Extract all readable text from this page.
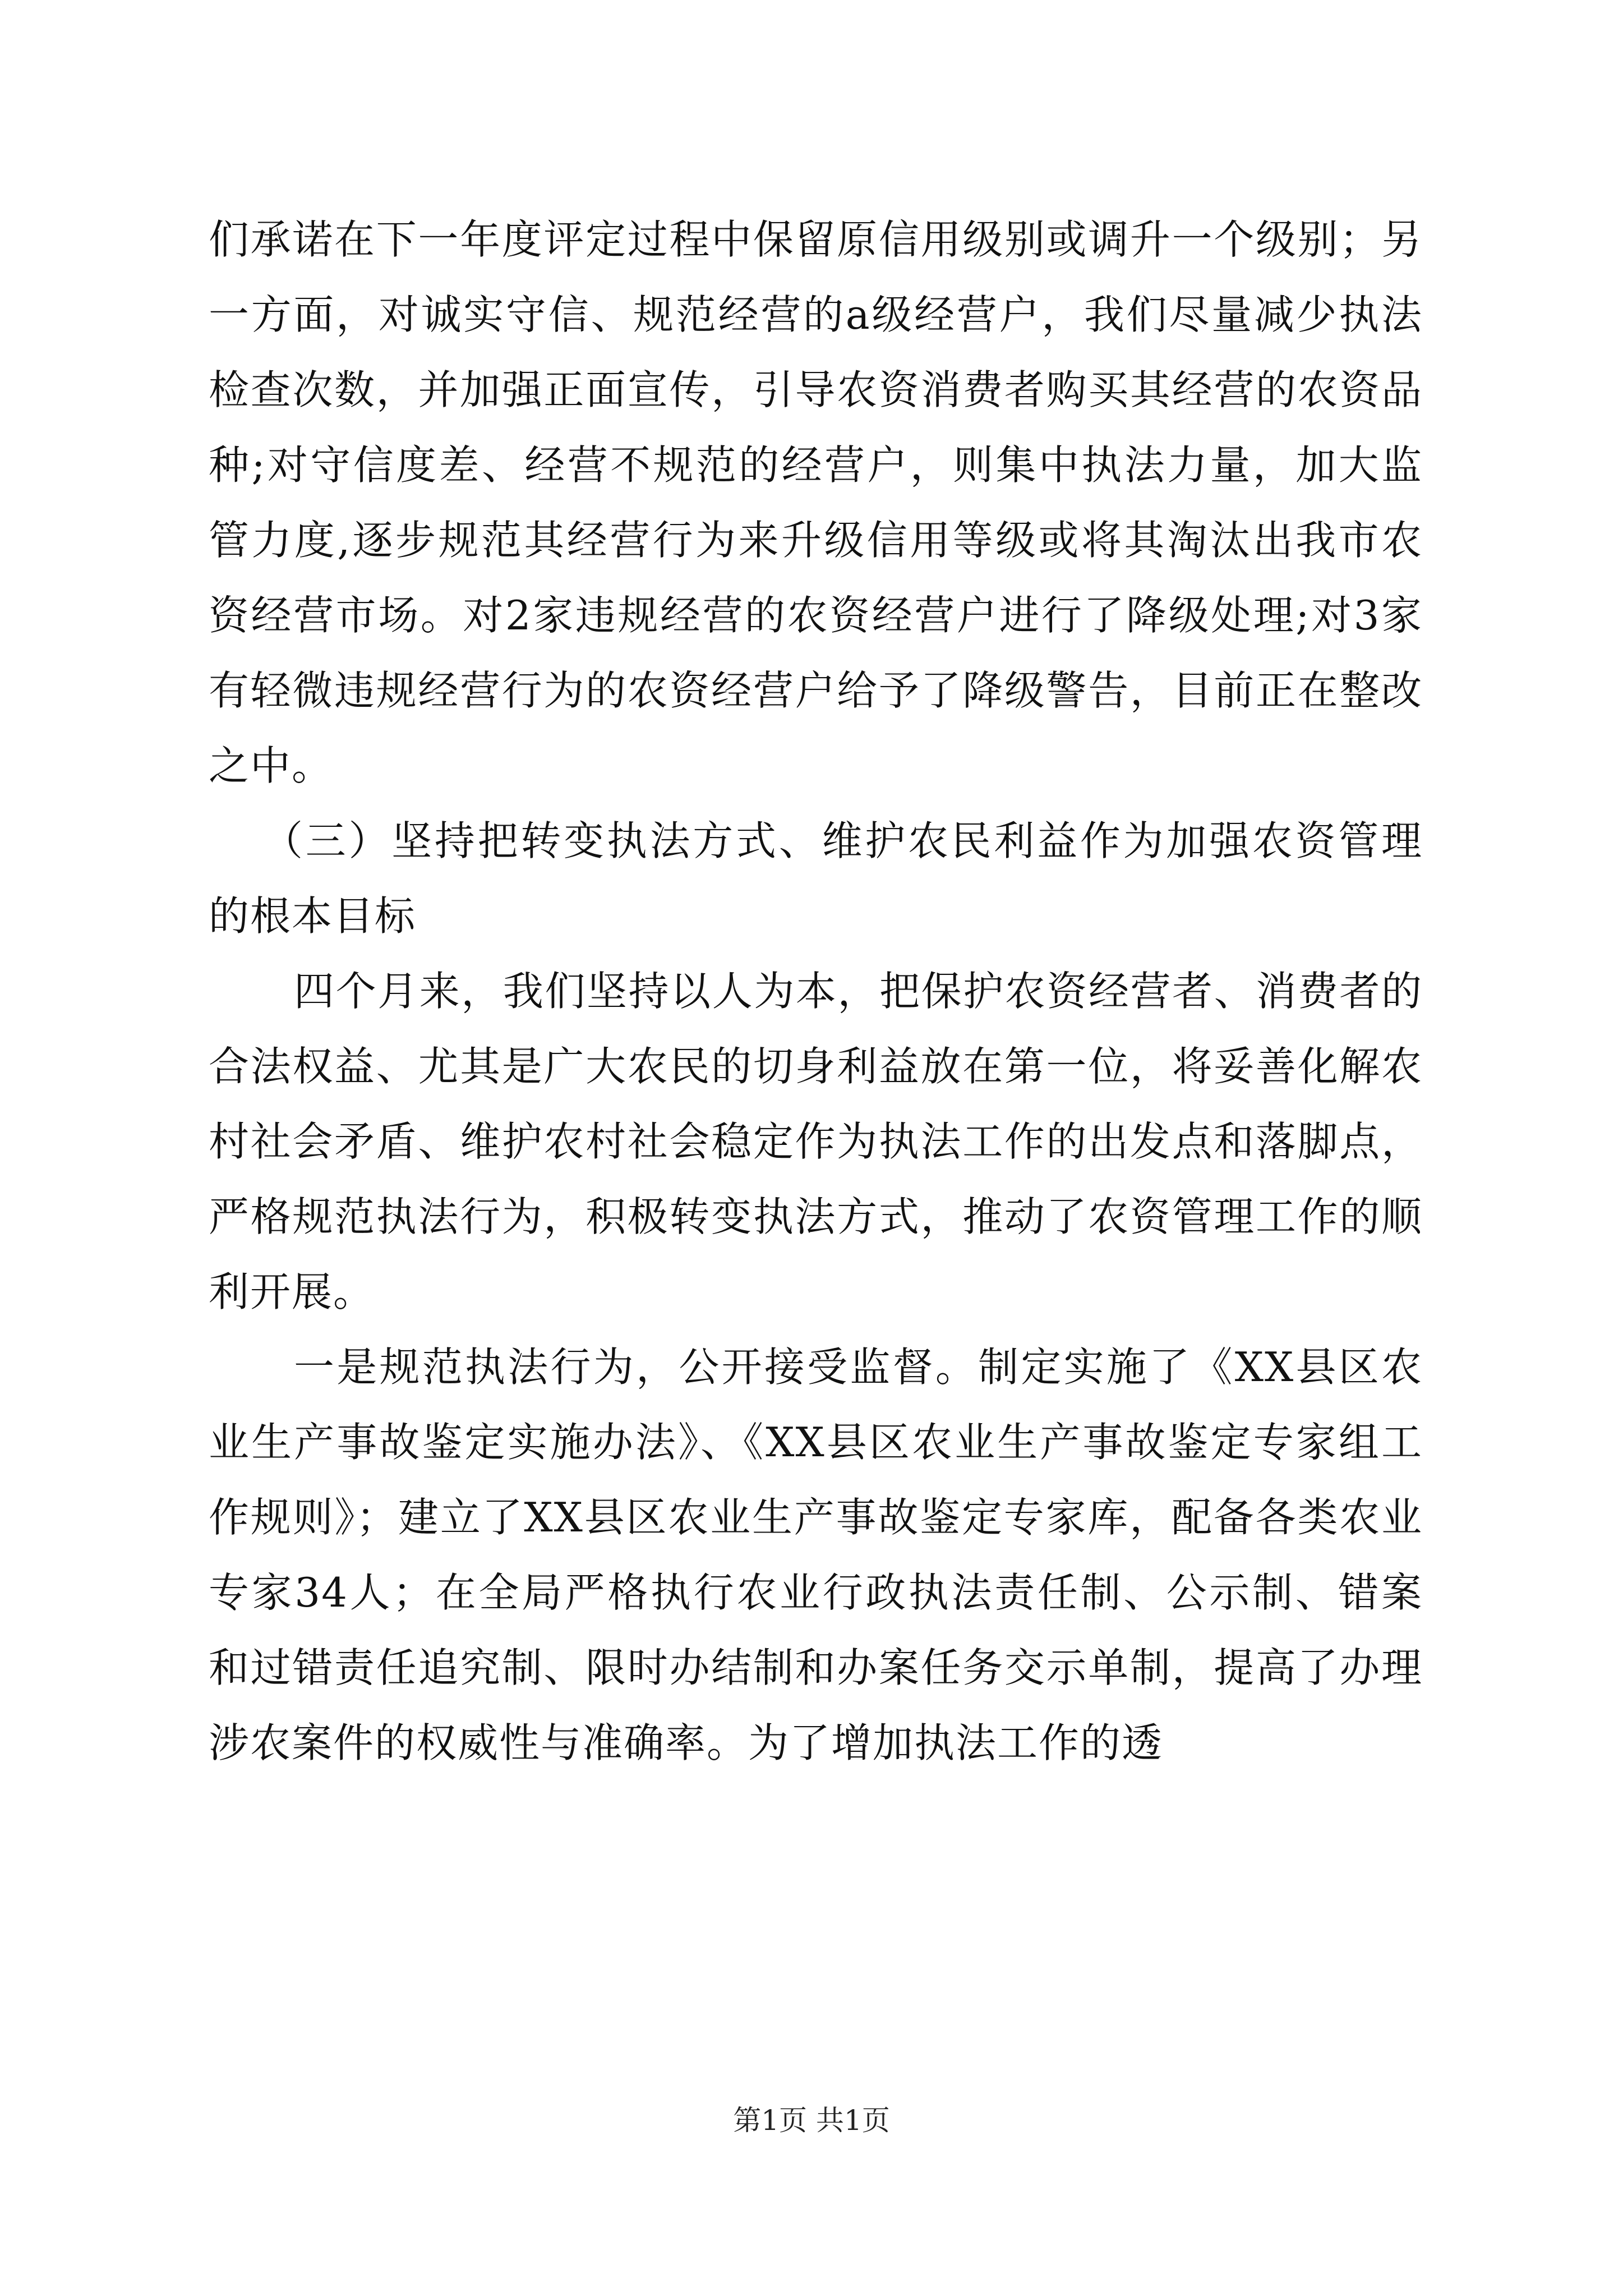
们承诺在下一年度评定过程中保留原信用级别或调升一个级别；另一方面，对诚实守信、规范经营的a级经营户，我们尽量减少执法检查次数，并加强正面宣传，引导农资消费者购买其经营的农资品种;对守信度差、经营不规范的经营户，则集中执法力量，加大监管力度,逐步规范其经营行为来升级信用等级或将其淘汰出我市农资经营市场。对2家违规经营的农资经营户进行了降级处理;对3家有轻微违规经营行为的农资经营户给予了降级警告，目前正在整改之中。

（三）坚持把转变执法方式、维护农民利益作为加强农资管理的根本目标

四个月来，我们坚持以人为本，把保护农资经营者、消费者的合法权益、尤其是广大农民的切身利益放在第一位，将妥善化解农村社会矛盾、维护农村社会稳定作为执法工作的出发点和落脚点，严格规范执法行为，积极转变执法方式，推动了农资管理工作的顺利开展。

一是规范执法行为，公开接受监督。制定实施了《XX县区农业生产事故鉴定实施办法》、《XX县区农业生产事故鉴定专家组工作规则》；建立了XX县区农业生产事故鉴定专家库，配备各类农业专家34人；在全局严格执行农业行政执法责任制、公示制、错案和过错责任追究制、限时办结制和办案任务交示单制，提高了办理涉农案件的权威性与准确率。为了增加执法工作的透

第1页 共1页
